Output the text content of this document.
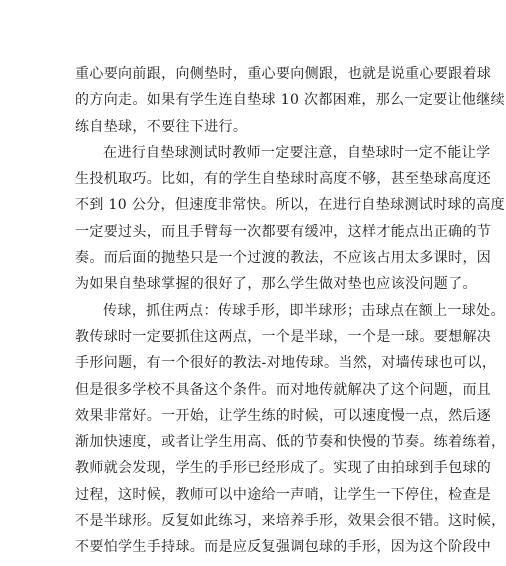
重心要向前跟，向侧垫时，重心要向侧跟，也就是说重心要跟着球
的方向走。如果有学生连自垫球 10 次都困难，那么一定要让他继续
练自垫球，不要往下进行。
在进行自垫球测试时教师一定要注意，自垫球时一定不能让学
生投机取巧。比如，有的学生自垫球时高度不够，甚至垫球高度还
不到 10 公分，但速度非常快。所以，在进行自垫球测试时球的高度
一定要过头，而且手臂每一次都要有缓冲，这样才能点出正确的节
奏。而后面的抛垫只是一个过渡的教法，不应该占用太多课时，因
为如果自垫球掌握的很好了，那么学生做对垫也应该没问题了。
传球，抓住两点：传球手形，即半球形；击球点在额上一球处。
教传球时一定要抓住这两点，一个是半球，一个是一球。要想解决
手形问题，有一个很好的教法-对地传球。当然，对墙传球也可以，
但是很多学校不具备这个条件。而对地传就解决了这个问题，而且
效果非常好。一开始，让学生练的时候，可以速度慢一点，然后逐
渐加快速度，或者让学生用高、低的节奏和快慢的节奏。练着练着，
教师就会发现，学生的手形已经形成了。实现了由拍球到手包球的
过程，这时候，教师可以中途给一声哨，让学生一下停住，检查是
不是半球形。反复如此练习，来培养手形，效果会很不错。这时候，
不要怕学生手持球。而是应反复强调包球的手形，因为这个阶段中
